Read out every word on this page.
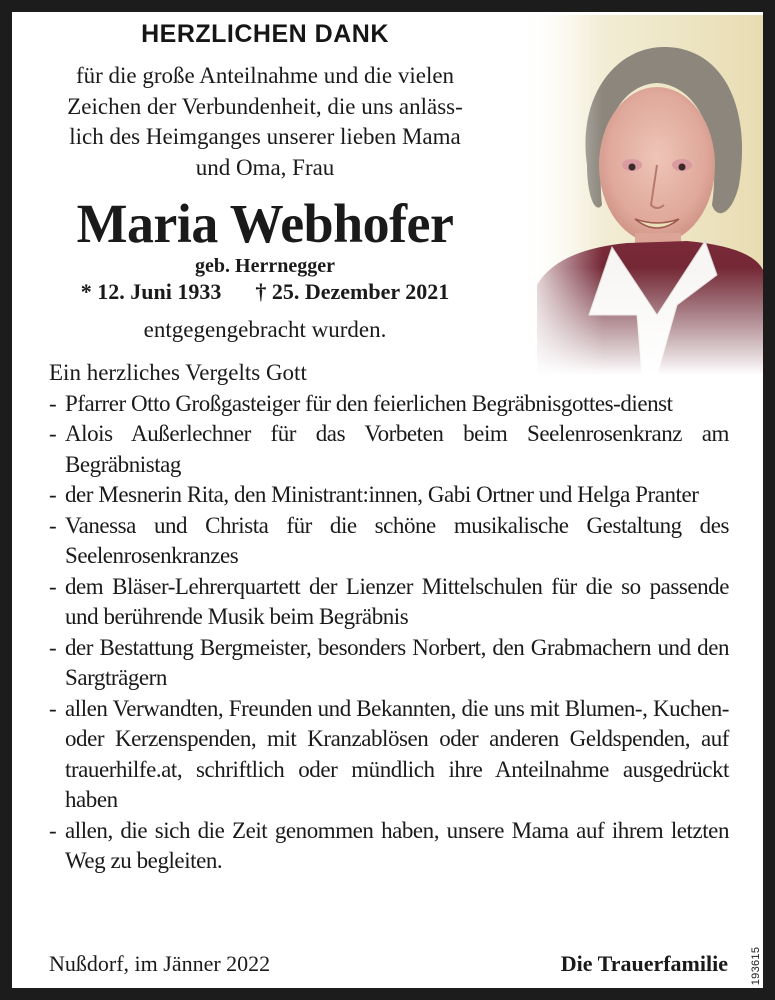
HERZLICHEN DANK
für die große Anteilnahme und die vielen
Zeichen der Verbundenheit, die uns anläss-
lich des Heimganges unserer lieben Mama
und Oma, Frau
Maria Webhofer
geb. Herrnegger
* 12. Juni 1933 † 25. Dezember 2021
entgegengebracht wurden.
Ein herzliches Vergelts Gott
- Pfarrer Otto Großgasteiger für den feierlichen Begräbnisgottes-dienst
- Alois Außerlechner für das Vorbeten beim Seelenrosenkranz am Begräbnistag
- der Mesnerin Rita, den Ministrant:innen, Gabi Ortner und Helga Pranter
- Vanessa und Christa für die schöne musikalische Gestaltung des Seelenrosenkranzes
- dem Bläser-Lehrerquartett der Lienzer Mittelschulen für die so passende und berührende Musik beim Begräbnis
- der Bestattung Bergmeister, besonders Norbert, den Grabmachern und den Sargträgern
- allen Verwandten, Freunden und Bekannten, die uns mit Blumen-, Kuchen- oder Kerzenspenden, mit Kranzablösen oder anderen Geldspenden, auf trauerhilfe.at, schriftlich oder mündlich ihre Anteilnahme ausgedrückt haben
- allen, die sich die Zeit genommen haben, unsere Mama auf ihrem letzten Weg zu begleiten.
Nußdorf, im Jänner 2022	Die Trauerfamilie 193615
